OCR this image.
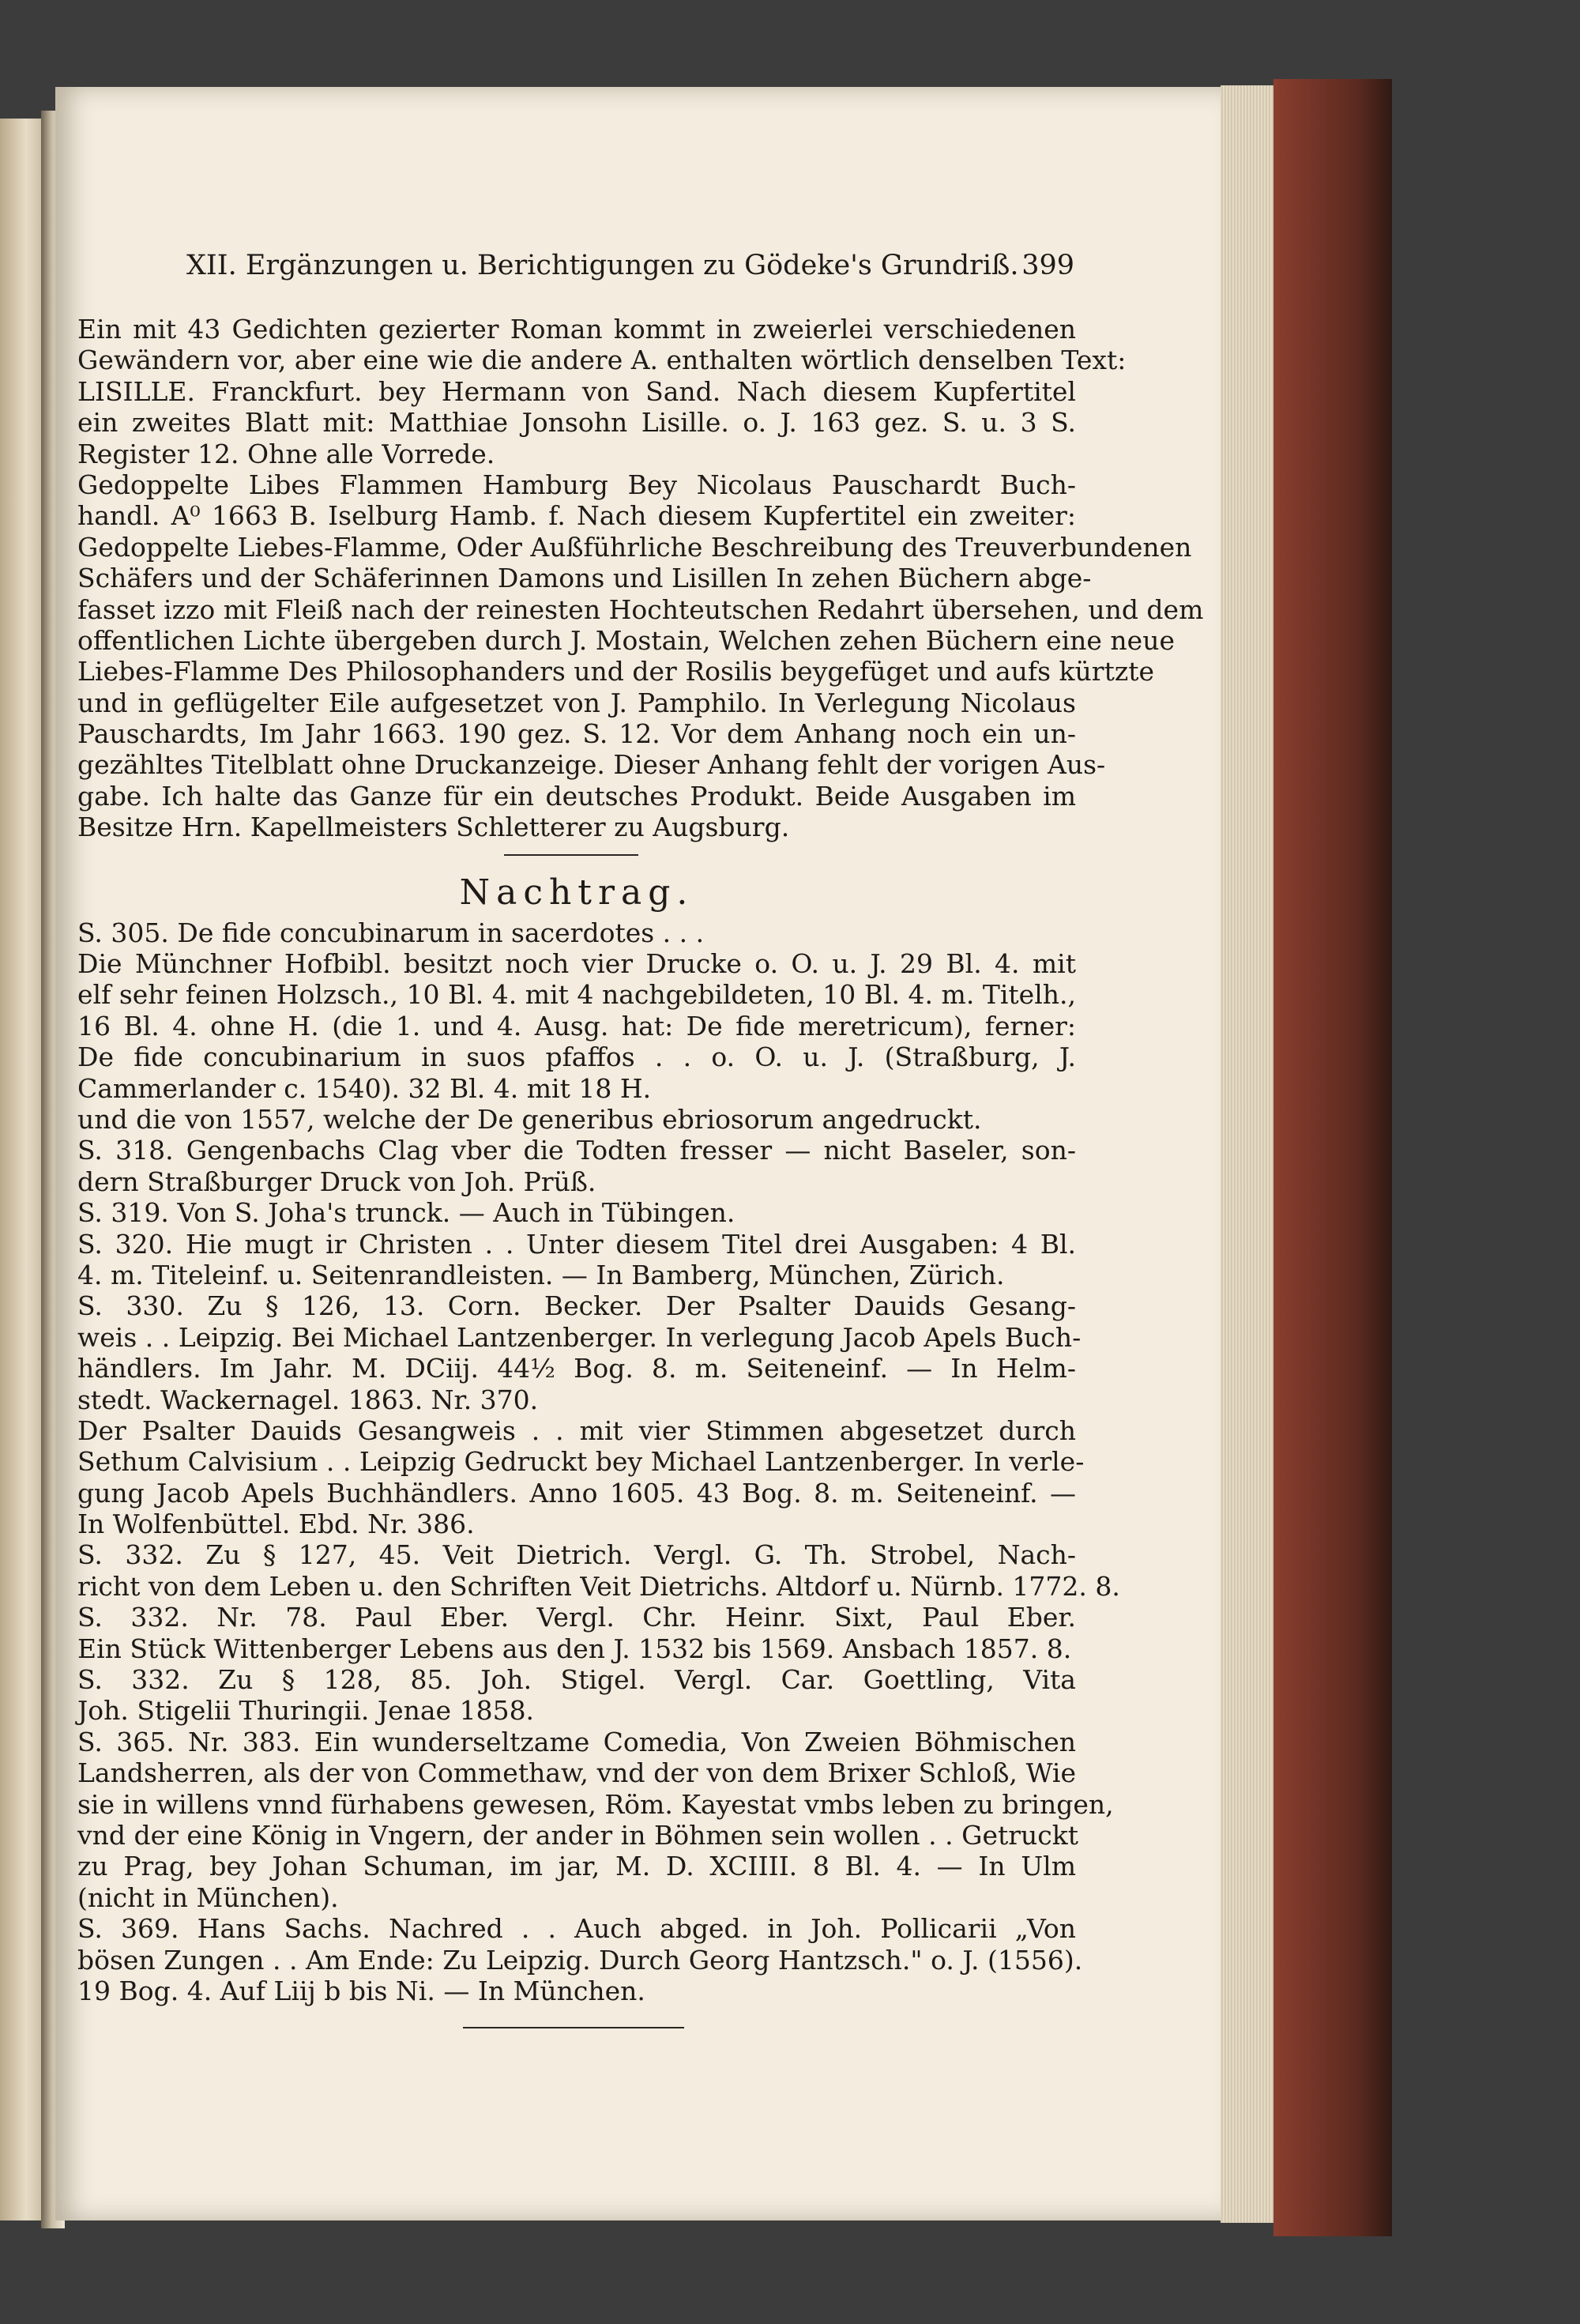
XII. Ergänzungen u. Berichtigungen zu Gödeke's Grundriß. 399
Ein mit 43 Gedichten gezierter Roman kommt in zweierlei verschiedenen
Gewändern vor, aber eine wie die andere A. enthalten wörtlich denselben Text:
LISILLE. Franckfurt. bey Hermann von Sand. Nach diesem Kupfertitel
ein zweites Blatt mit: Matthiae Jonsohn Lisille. o. J. 163 gez. S. u. 3 S.
Register 12. Ohne alle Vorrede.
Gedoppelte Libes Flammen Hamburg Bey Nicolaus Pauschardt Buch-
handl. A⁰ 1663 B. Iselburg Hamb. f. Nach diesem Kupfertitel ein zweiter:
Gedoppelte Liebes-Flamme, Oder Außführliche Beschreibung des Treuverbundenen
Schäfers und der Schäferinnen Damons und Lisillen In zehen Büchern abge-
fasset izzo mit Fleiß nach der reinesten Hochteutschen Redahrt übersehen, und dem
offentlichen Lichte übergeben durch J. Mostain, Welchen zehen Büchern eine neue
Liebes-Flamme Des Philosophanders und der Rosilis beygefüget und aufs kürtzte
und in geflügelter Eile aufgesetzet von J. Pamphilo. In Verlegung Nicolaus
Pauschardts, Im Jahr 1663. 190 gez. S. 12. Vor dem Anhang noch ein un-
gezähltes Titelblatt ohne Druckanzeige. Dieser Anhang fehlt der vorigen Aus-
gabe. Ich halte das Ganze für ein deutsches Produkt. Beide Ausgaben im
Besitze Hrn. Kapellmeisters Schletterer zu Augsburg.
Nachtrag.
S. 305. De fide concubinarum in sacerdotes . . .
Die Münchner Hofbibl. besitzt noch vier Drucke o. O. u. J. 29 Bl. 4. mit
elf sehr feinen Holzsch., 10 Bl. 4. mit 4 nachgebildeten, 10 Bl. 4. m. Titelh.,
16 Bl. 4. ohne H. (die 1. und 4. Ausg. hat: De fide meretricum), ferner:
De fide concubinarium in suos pfaffos . . o. O. u. J. (Straßburg, J.
Cammerlander c. 1540). 32 Bl. 4. mit 18 H.
und die von 1557, welche der De generibus ebriosorum angedruckt.
S. 318. Gengenbachs Clag vber die Todten fresser — nicht Baseler, son-
dern Straßburger Druck von Joh. Prüß.
S. 319. Von S. Joha's trunck. — Auch in Tübingen.
S. 320. Hie mugt ir Christen . . Unter diesem Titel drei Ausgaben: 4 Bl.
4. m. Titeleinf. u. Seitenrandleisten. — In Bamberg, München, Zürich.
S. 330. Zu § 126, 13. Corn. Becker. Der Psalter Dauids Gesang-
weis . . Leipzig. Bei Michael Lantzenberger. In verlegung Jacob Apels Buch-
händlers. Im Jahr. M. DCiij. 44½ Bog. 8. m. Seiteneinf. — In Helm-
stedt. Wackernagel. 1863. Nr. 370.
Der Psalter Dauids Gesangweis . . mit vier Stimmen abgesetzet durch
Sethum Calvisium . . Leipzig Gedruckt bey Michael Lantzenberger. In verle-
gung Jacob Apels Buchhändlers. Anno 1605. 43 Bog. 8. m. Seiteneinf. —
In Wolfenbüttel. Ebd. Nr. 386.
S. 332. Zu § 127, 45. Veit Dietrich. Vergl. G. Th. Strobel, Nach-
richt von dem Leben u. den Schriften Veit Dietrichs. Altdorf u. Nürnb. 1772. 8.
S. 332. Nr. 78. Paul Eber. Vergl. Chr. Heinr. Sixt, Paul Eber.
Ein Stück Wittenberger Lebens aus den J. 1532 bis 1569. Ansbach 1857. 8.
S. 332. Zu § 128, 85. Joh. Stigel. Vergl. Car. Goettling, Vita
Joh. Stigelii Thuringii. Jenae 1858.
S. 365. Nr. 383. Ein wunderseltzame Comedia, Von Zweien Böhmischen
Landsherren, als der von Commethaw, vnd der von dem Brixer Schloß, Wie
sie in willens vnnd fürhabens gewesen, Röm. Kayestat vmbs leben zu bringen,
vnd der eine König in Vngern, der ander in Böhmen sein wollen . . Getruckt
zu Prag, bey Johan Schuman, im jar, M. D. XCIIII. 8 Bl. 4. — In Ulm
(nicht in München).
S. 369. Hans Sachs. Nachred . . Auch abged. in Joh. Pollicarii „Von
bösen Zungen . . Am Ende: Zu Leipzig. Durch Georg Hantzsch." o. J. (1556).
19 Bog. 4. Auf Liij b bis Ni. — In München.
